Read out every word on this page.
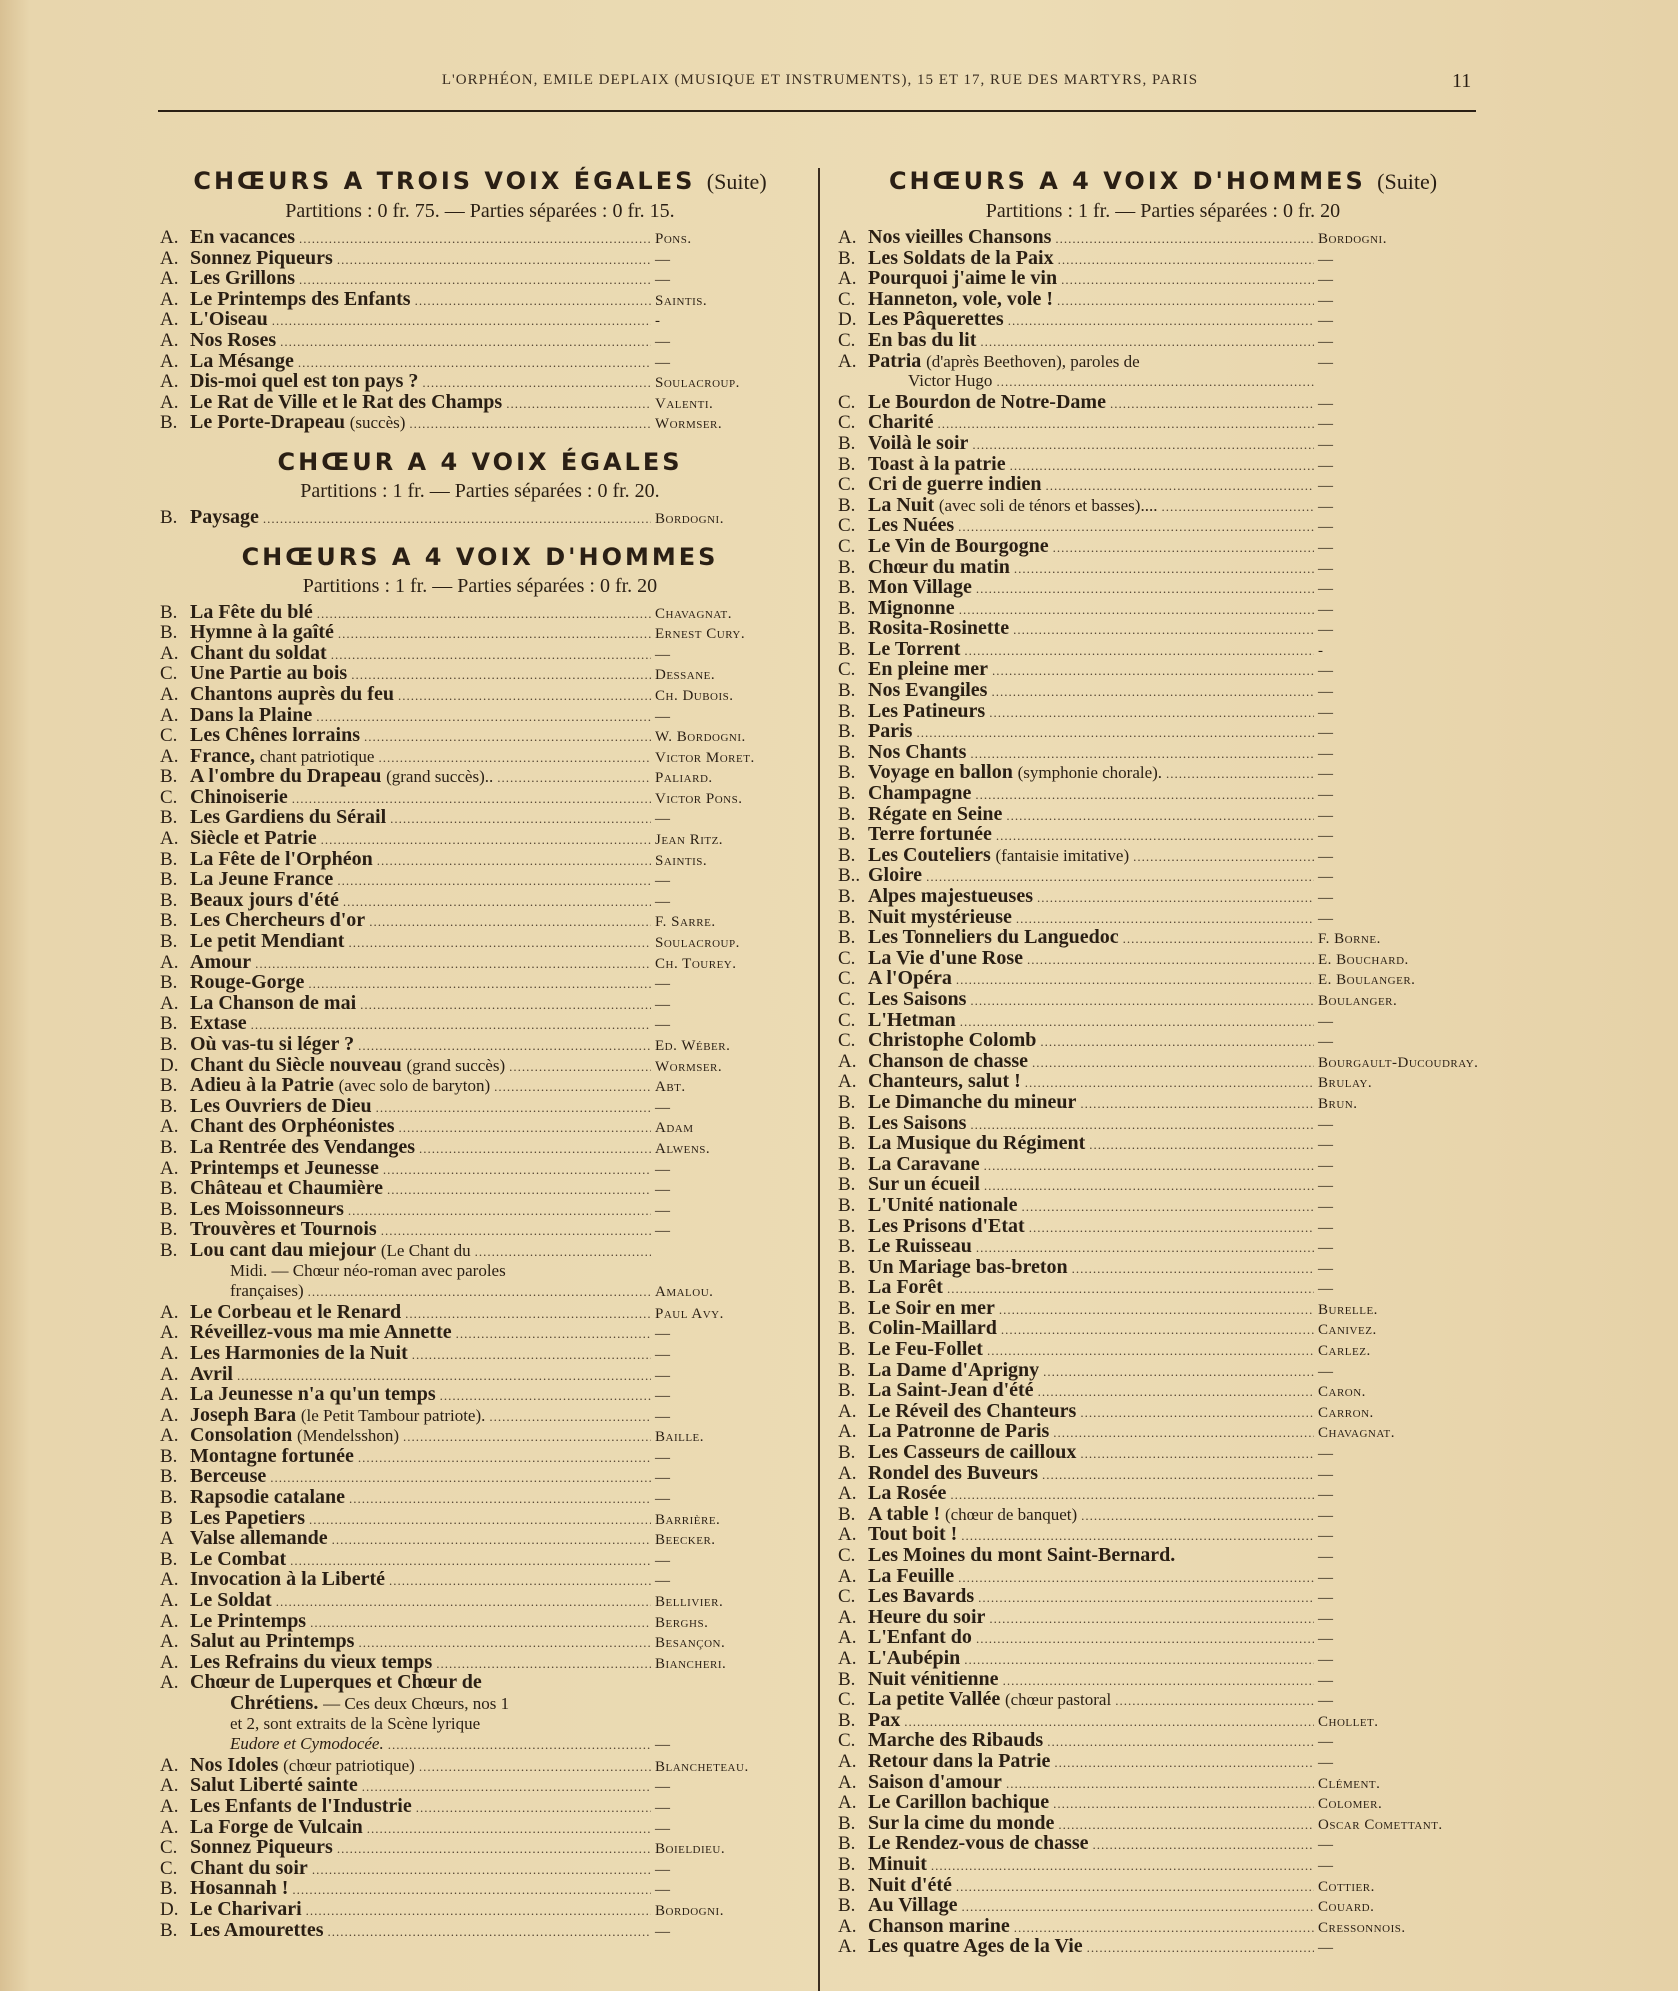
L'ORPHÉON, EMILE DEPLAIX (MUSIQUE ET INSTRUMENTS), 15 ET 17, RUE DES MARTYRS, PARIS	11
CHŒURS A TROIS VOIX ÉGALES (Suite)
Partitions : 0 fr. 75. — Parties séparées : 0 fr. 15.
A. En vacances .....	Pons.
A. Sonnez Piqueurs .....	—
A. Les Grillons .....	—
A. Le Printemps des Enfants .....	Saintis.
A. L'Oiseau .....	-
A. Nos Roses .....	—
A. La Mésange .....	—
A. Dis-moi quel est ton pays ? .....	Soulacroup.
A. Le Rat de Ville et le Rat des Champs .....	Valenti.
B. Le Porte-Drapeau (succès) .....	Wormser.
CHŒUR A 4 VOIX ÉGALES
Partitions : 1 fr. — Parties séparées : 0 fr. 20.
B. Paysage .....	Bordogni.
CHŒURS A 4 VOIX D'HOMMES
Partitions : 1 fr. — Parties séparées : 0 fr. 20
B. La Fête du blé .....	Chavagnat.
B. Hymne à la gaîté .....	Ernest Cury.
A. Chant du soldat .....	—
C. Une Partie au bois .....	Dessane.
A. Chantons auprès du feu .....	Ch. Dubois.
A. Dans la Plaine .....	—
C. Les Chênes lorrains .....	W. Bordogni.
A. France, chant patriotique .....	Victor Moret.
B. A l'ombre du Drapeau (grand succès).. .....	Paliard.
C. Chinoiserie .....	Victor Pons.
B. Les Gardiens du Sérail .....	—
A. Siècle et Patrie .....	Jean Ritz.
B. La Fête de l'Orphéon .....	Saintis.
B. La Jeune France .....	—
B. Beaux jours d'été .....	—
B. Les Chercheurs d'or .....	F. Sarre.
B. Le petit Mendiant .....	Soulacroup.
A. Amour .....	Ch. Tourey.
B. Rouge-Gorge .....	—
A. La Chanson de mai .....	—
B. Extase .....	—
B. Où vas-tu si léger ? .....	Ed. Wéber.
D. Chant du Siècle nouveau (grand succès) .....	Wormser.
B. Adieu à la Patrie (avec solo de baryton) .....	Abt.
B. Les Ouvriers de Dieu .....	—
A. Chant des Orphéonistes .....	Adam
B. La Rentrée des Vendanges .....	Alwens.
A. Printemps et Jeunesse .....	—
B. Château et Chaumière .....	—
B. Les Moissonneurs .....	—
B. Trouvères et Tournois .....	—
B. Lou cant dau miejour (Le Chant du
.....
Midi. — Chœur néo-roman avec paroles
françaises) .....	Amalou.
A. Le Corbeau et le Renard .....	Paul Avy.
A. Réveillez-vous ma mie Annette .....	—
A. Les Harmonies de la Nuit .....	—
A. Avril .....	—
A. La Jeunesse n'a qu'un temps .....	—
A. Joseph Bara (le Petit Tambour patriote). .....	—
A. Consolation (Mendelsshon) .....	Baille.
B. Montagne fortunée .....	—
B. Berceuse .....	—
B. Rapsodie catalane .....	—
B Les Papetiers .....	Barrière.
A Valse allemande .....	Beecker.
B. Le Combat .....	—
A. Invocation à la Liberté .....	—
A. Le Soldat .....	Bellivier.
A. Le Printemps .....	Berghs.
A. Salut au Printemps .....	Besançon.
A. Les Refrains du vieux temps .....	Biancheri.
A. Chœur de Luperques et Chœur de
Chrétiens. — Ces deux Chœurs, nos 1
et 2, sont extraits de la Scène lyrique
Eudore et Cymodocée. .....	—
A. Nos Idoles (chœur patriotique) .....	Blancheteau.
A. Salut Liberté sainte .....	—
A. Les Enfants de l'Industrie .....	—
A. La Forge de Vulcain .....	—
C. Sonnez Piqueurs .....	Boieldieu.
C. Chant du soir .....	—
B. Hosannah ! .....	—
D. Le Charivari .....	Bordogni.
B. Les Amourettes .....	—
CHŒURS A 4 VOIX D'HOMMES (Suite)
Partitions : 1 fr. — Parties séparées : 0 fr. 20
A. Nos vieilles Chansons .....	Bordogni.
B. Les Soldats de la Paix .....	—
A. Pourquoi j'aime le vin .....	—
C. Hanneton, vole, vole ! .....	—
D. Les Pâquerettes .....	—
C. En bas du lit .....	—
A. Patria (d'après Beethoven), paroles de	—
Victor Hugo
.....
C. Le Bourdon de Notre-Dame .....	—
C. Charité .....	—
B. Voilà le soir .....	—
B. Toast à la patrie .....	—
C. Cri de guerre indien .....	—
B. La Nuit (avec soli de ténors et basses).... .....	—
C. Les Nuées .....	—
C. Le Vin de Bourgogne .....	—
B. Chœur du matin .....	—
B. Mon Village .....	—
B. Mignonne .....	—
B. Rosita-Rosinette .....	—
B. Le Torrent .....	-
C. En pleine mer .....	—
B. Nos Evangiles .....	—
B. Les Patineurs .....	—
B. Paris .....	—
B. Nos Chants .....	—
B. Voyage en ballon (symphonie chorale). .....	—
B. Champagne .....	—
B. Régate en Seine .....	—
B. Terre fortunée .....	—
B. Les Couteliers (fantaisie imitative) .....	—
B.. Gloire .....	—
B. Alpes majestueuses .....	—
B. Nuit mystérieuse .....	—
B. Les Tonneliers du Languedoc .....	F. Borne.
C. La Vie d'une Rose .....	E. Bouchard.
C. A l'Opéra .....	E. Boulanger.
C. Les Saisons .....	Boulanger.
C. L'Hetman .....	—
C. Christophe Colomb .....	—
A. Chanson de chasse .....	Bourgault-Ducoudray.
A. Chanteurs, salut ! .....	Brulay.
B. Le Dimanche du mineur .....	Brun.
B. Les Saisons .....	—
B. La Musique du Régiment .....	—
B. La Caravane .....	—
B. Sur un écueil .....	—
B. L'Unité nationale .....	—
B. Les Prisons d'Etat .....	—
B. Le Ruisseau .....	—
B. Un Mariage bas-breton .....	—
B. La Forêt .....	—
B. Le Soir en mer .....	Burelle.
B. Colin-Maillard .....	Canivez.
B. Le Feu-Follet .....	Carlez.
B. La Dame d'Aprigny .....	—
B. La Saint-Jean d'été .....	Caron.
A. Le Réveil des Chanteurs .....	Carron.
A. La Patronne de Paris .....	Chavagnat.
B. Les Casseurs de cailloux .....	—
A. Rondel des Buveurs .....	—
A. La Rosée .....	—
B. A table ! (chœur de banquet) .....	—
A. Tout boit ! .....	—
C. Les Moines du mont Saint-Bernard.	—
A. La Feuille .....	—
C. Les Bavards .....	—
A. Heure du soir .....	—
A. L'Enfant do .....	—
A. L'Aubépin .....	—
B. Nuit vénitienne .....	—
C. La petite Vallée (chœur pastoral .....	—
B. Pax .....	Chollet.
C. Marche des Ribauds .....	—
A. Retour dans la Patrie .....	—
A. Saison d'amour .....	Clément.
A. Le Carillon bachique .....	Colomer.
B. Sur la cime du monde .....	Oscar Comettant.
B. Le Rendez-vous de chasse .....	—
B. Minuit .....	—
B. Nuit d'été .....	Cottier.
B. Au Village .....	Couard.
A. Chanson marine .....	Cressonnois.
A. Les quatre Ages de la Vie .....	—
